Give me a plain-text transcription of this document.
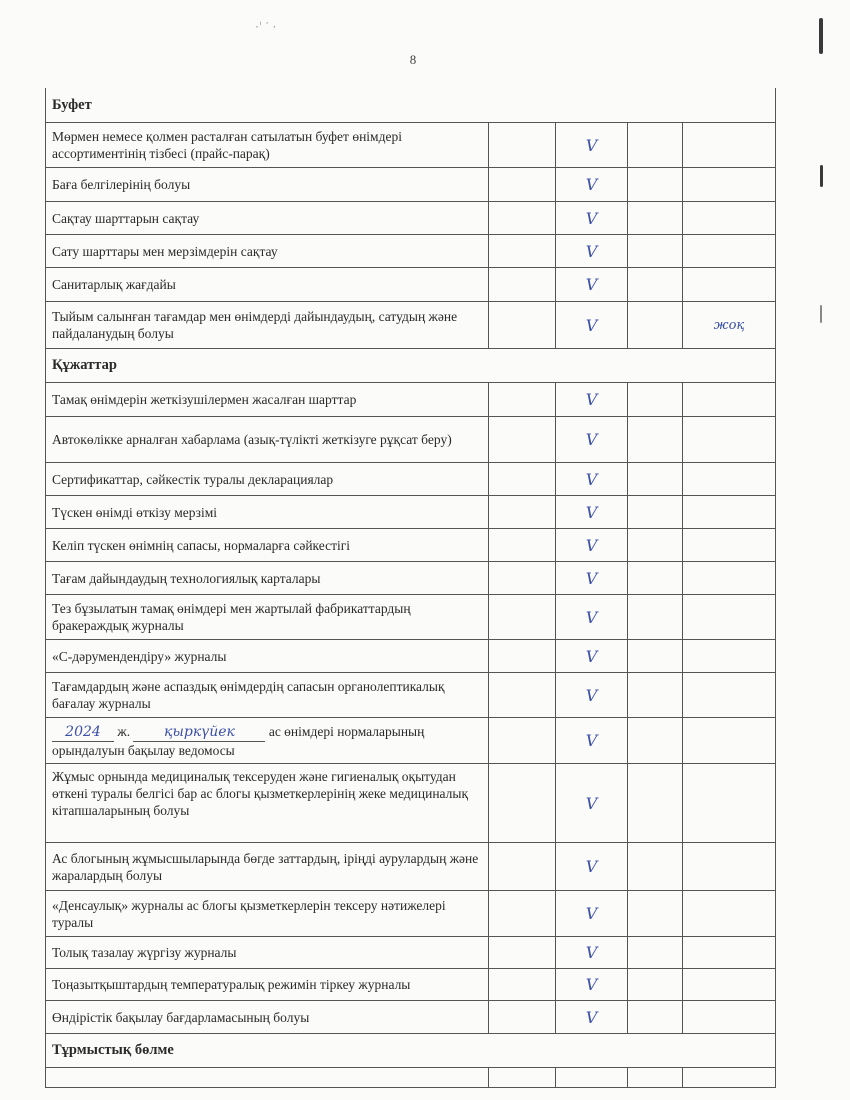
·ˈ ′ ·
8
Буфет				
Мөрмен немесе қолмен расталған сатылатын буфет өнімдері ассортиментінің тізбесі (прайс-парақ)		V		
Баға белгілерінің болуы		V		
Сақтау шарттарын сақтау		V		
Сату шарттары мен мерзімдерін сақтау		V		
Санитарлық жағдайы		V		
Тыйым салынған тағамдар мен өнімдерді дайындаудың, сатудың және пайдаланудың болуы		V		жоқ
Құжаттар				
Тамақ өнімдерін жеткізушілермен жасалған шарттар		V		
Автокөлікке арналған хабарлама (азық-түлікті жеткізуге рұқсат беру)		V		
Сертификаттар, сәйкестік туралы декларациялар		V		
Түскен өнімді өткізу мерзімі		V		
Келіп түскен өнімнің сапасы, нормаларға сәйкестігі		V		
Тағам дайындаудың технологиялық карталары		V		
Тез бұзылатын тамақ өнімдері мен жартылай фабрикаттардың бракераждық журналы		V		
«С-дәрумендендіру» журналы		V		
Тағамдардың және аспаздық өнімдердің сапасын органолептикалық бағалау журналы		V		
2024 ж. қыркүйек ас өнімдері нормаларының орындалуын бақылау ведомосы		V		
Жұмыс орнында медициналық тексеруден және гигиеналық оқытудан өткені туралы белгісі бар ас блогы қызметкерлерінің жеке медициналық кітапшаларының болуы		V		
Ас блогының жұмысшыларында бөгде заттардың, іріңді аурулардың және жаралардың болуы		V		
«Денсаулық» журналы ас блогы қызметкерлерін тексеру нәтижелері туралы		V		
Толық тазалау жүргізу журналы		V		
Тоңазытқыштардың температуралық режимін тіркеу журналы		V		
Өндірістік бақылау бағдарламасының болуы		V		
Тұрмыстық бөлме				
